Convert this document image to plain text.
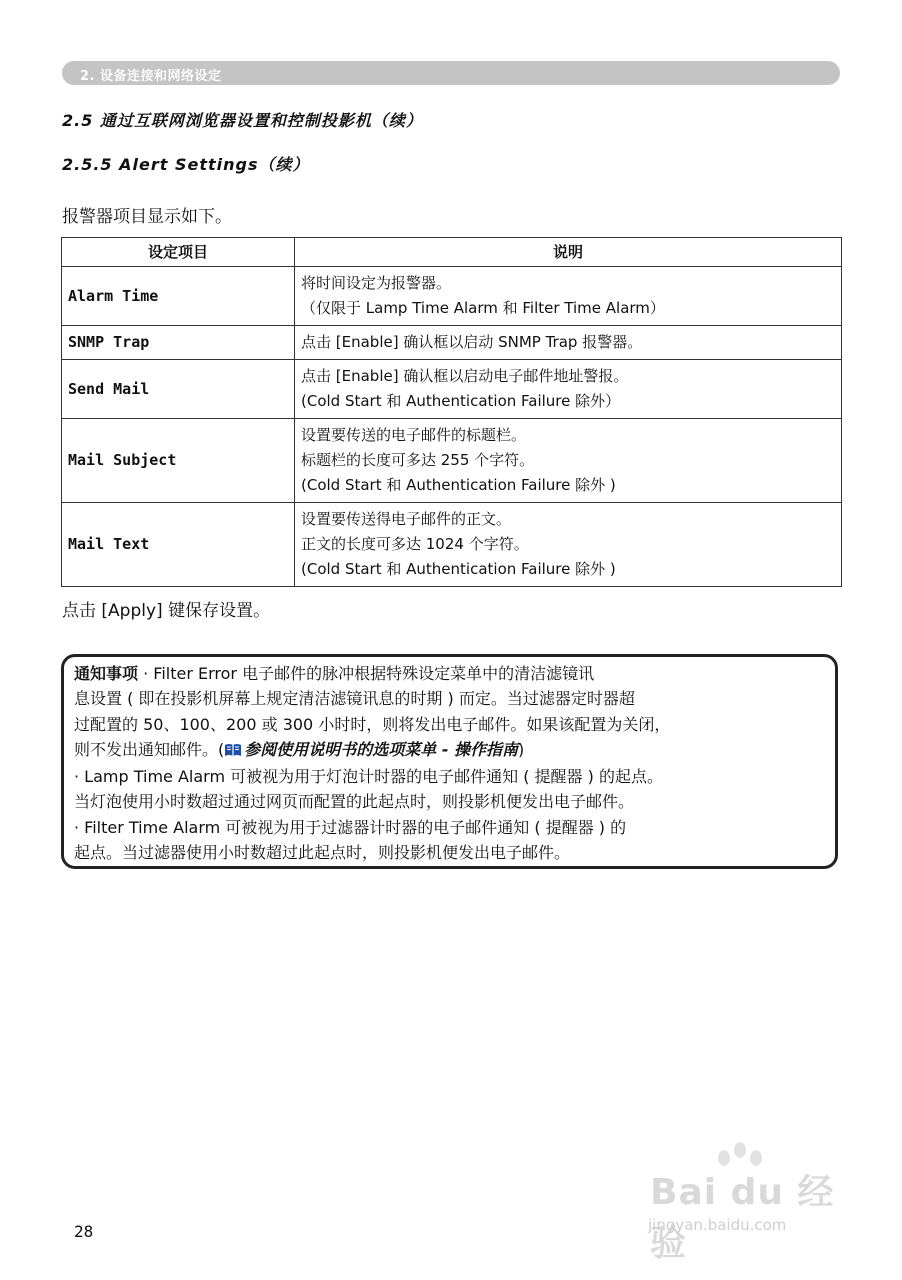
2. 设备连接和网络设定
2.5 通过互联网浏览器设置和控制投影机（续）
2.5.5 Alert Settings（续）
报警器项目显示如下。
设定项目	说明
Alarm Time	将时间设定为报警器。
（仅限于 Lamp Time Alarm 和 Filter Time Alarm）

SNMP Trap	点击 [Enable] 确认框以启动 SNMP Trap 报警器。

Send Mail	点击 [Enable] 确认框以启动电子邮件地址警报。
(Cold Start 和 Authentication Failure 除外）

Mail Subject	设置要传送的电子邮件的标题栏。
标题栏的长度可多达 255 个字符。
(Cold Start 和 Authentication Failure 除外 )

Mail Text	设置要传送得电子邮件的正文。
正文的长度可多达 1024 个字符。
(Cold Start 和 Authentication Failure 除外 )
点击 [Apply] 键保存设置。
通知事项 · Filter Error 电子邮件的脉冲根据特殊设定菜单中的清洁滤镜讯
息设置 ( 即在投影机屏幕上规定清洁滤镜讯息的时期 ) 而定。当过滤器定时器超
过配置的 50、100、200 或 300 小时时，则将发出电子邮件。如果该配置为关闭，
则不发出通知邮件。( 参阅使用说明书的选项菜单 - 操作指南)
· Lamp Time Alarm 可被视为用于灯泡计时器的电子邮件通知 ( 提醒器 ) 的起点。
当灯泡使用小时数超过通过网页而配置的此起点时，则投影机便发出电子邮件。
· Filter Time Alarm 可被视为用于过滤器计时器的电子邮件通知 ( 提醒器 ) 的
起点。当过滤器使用小时数超过此起点时，则投影机便发出电子邮件。
28
Bai du 经验
jingyan.baidu.com
